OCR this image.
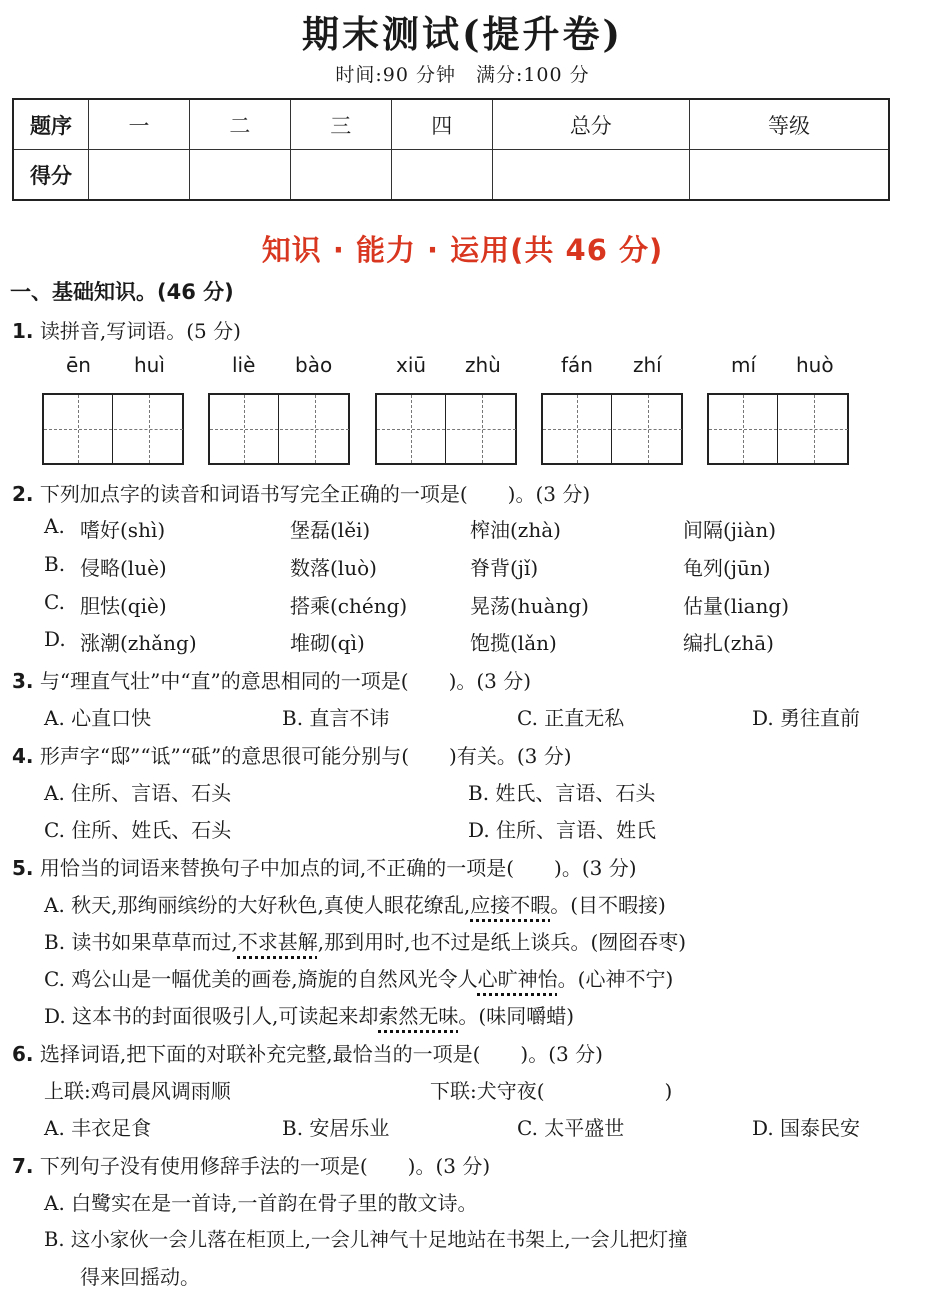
期末测试(提升卷)
时间:90 分钟　满分:100 分
题序	一	二	三	四	总分	等级
得分						
知识 · 能力 · 运用(共 46 分)
一、基础知识。(46 分)
1. 读拼音,写词语。(5 分)
ēn huì	liè bào	xiū zhù	fán zhí	mí huò
2. 下列加点字的读音和词语书写完全正确的一项是(　　)。(3 分)
A. 嗜好(shì)	堡磊(lěi)	榨油(zhà)	间隔(jiàn)
B. 侵略(luè)	数落(luò)	脊背(jǐ)	龟列(jūn)
C. 胆怯(qiè)	搭乘(chéng)	晃荡(huàng)	估量(liang)
D. 涨潮(zhǎng)	堆砌(qì)	饱揽(lǎn)	编扎(zhā)
3. 与“理直气壮”中“直”的意思相同的一项是(　　)。(3 分)
A. 心直口快	B. 直言不讳	C. 正直无私	D. 勇往直前
4. 形声字“邸”“诋”“砥”的意思很可能分别与(　　)有关。(3 分)
A. 住所、言语、石头	B. 姓氏、言语、石头
C. 住所、姓氏、石头	D. 住所、言语、姓氏
5. 用恰当的词语来替换句子中加点的词,不正确的一项是(　　)。(3 分)
A. 秋天,那绚丽缤纷的大好秋色,真使人眼花缭乱,应接不暇。(目不暇接)
B. 读书如果草草而过,不求甚解,那到用时,也不过是纸上谈兵。(囫囵吞枣)
C. 鸡公山是一幅优美的画卷,旖旎的自然风光令人心旷神怡。(心神不宁)
D. 这本书的封面很吸引人,可读起来却索然无味。(味同嚼蜡)
6. 选择词语,把下面的对联补充完整,最恰当的一项是(　　)。(3 分)
上联:鸡司晨风调雨顺	下联:犬守夜(　　　　　　)
A. 丰衣足食	B. 安居乐业	C. 太平盛世	D. 国泰民安
7. 下列句子没有使用修辞手法的一项是(　　)。(3 分)
A. 白鹭实在是一首诗,一首韵在骨子里的散文诗。
B. 这小家伙一会儿落在柜顶上,一会儿神气十足地站在书架上,一会儿把灯撞
得来回摇动。
